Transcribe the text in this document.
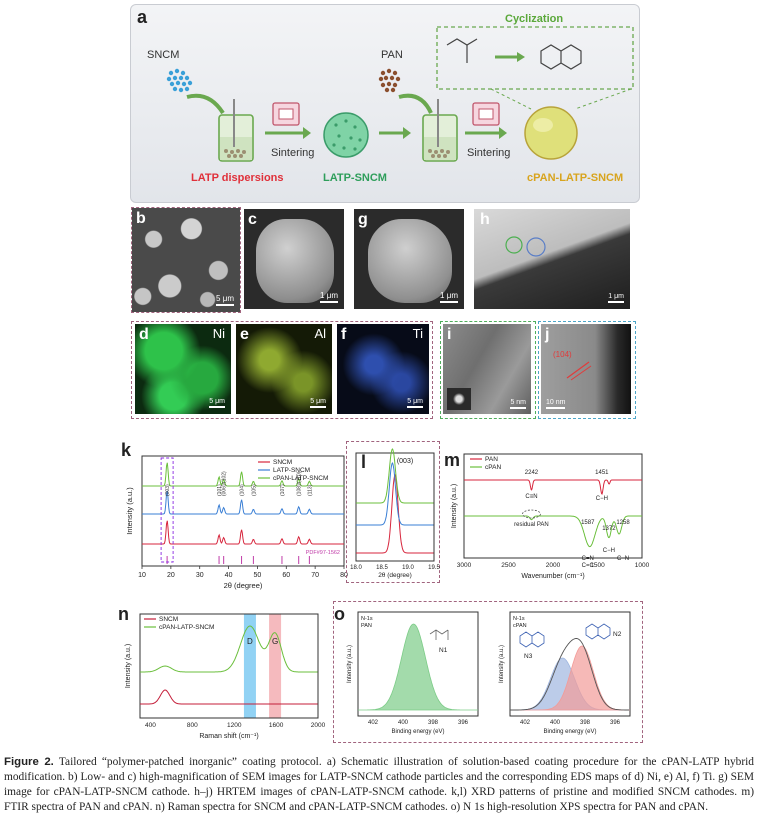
a
SNCM	PAN
Cyclization
Sintering	Sintering
LATP dispersions	LATP-SNCM	cPAN-LATP-SNCM
b
5 μm
c
1 μm
g
1 μm
h
1 μm
d	Ni
5 μm
e	Al
5 μm
f	Ti
5 μm
i
5 nm
j
(104)
10 nm
k
PDF#97-1562
(003)	(101)
(006)/(102) (104) (105)	(107) (108)/(110) (113)
10	20	30	40	50	60	70	80
2θ (degree)
Intensity (a.u.)
SNCM
LATP-SNCM
cPAN-LATP-SNCM
l	(003)
18.0 18.5 19.0 19.5
2θ (degree)
m
2242
C≡N
1451
C−H
residual PAN	1587
C=N
C=C
1372
C−H
1258
C−N
3000	2500	2000	1500	1000
Wavenumber (cm⁻¹)
Intensity (a.u.)
PAN
cPAN
n
D G
400	800	1200	1600	2000
Raman shift (cm⁻¹)
Intensity (a.u.)
SNCM
cPAN-LATP-SNCM
o	N-1s
PAN
402	400	398	396
Binding energy (eV)
Intensity (a.u.)	N1
N-1s
cPAN
402	400	398	396
Binding energy (eV)
Intensity (a.u.)	N3
N2
Figure 2. Tailored “polymer-patched inorganic” coating protocol. a) Schematic illustration of solution-based coating procedure for the cPAN-LATP hybrid modification. b) Low- and c) high-magnification of SEM images for LATP-SNCM cathode particles and the corresponding EDS maps of d) Ni, e) Al, f) Ti. g) SEM image for cPAN-LATP-SNCM cathode. h–j) HRTEM images of cPAN-LATP-SNCM cathode. k,l) XRD patterns of pristine and modified SNCM cathodes. m) FTIR spectra of PAN and cPAN. n) Raman spectra for SNCM and cPAN-LATP-SNCM cathodes. o) N 1s high-resolution XPS spectra for PAN and cPAN.
